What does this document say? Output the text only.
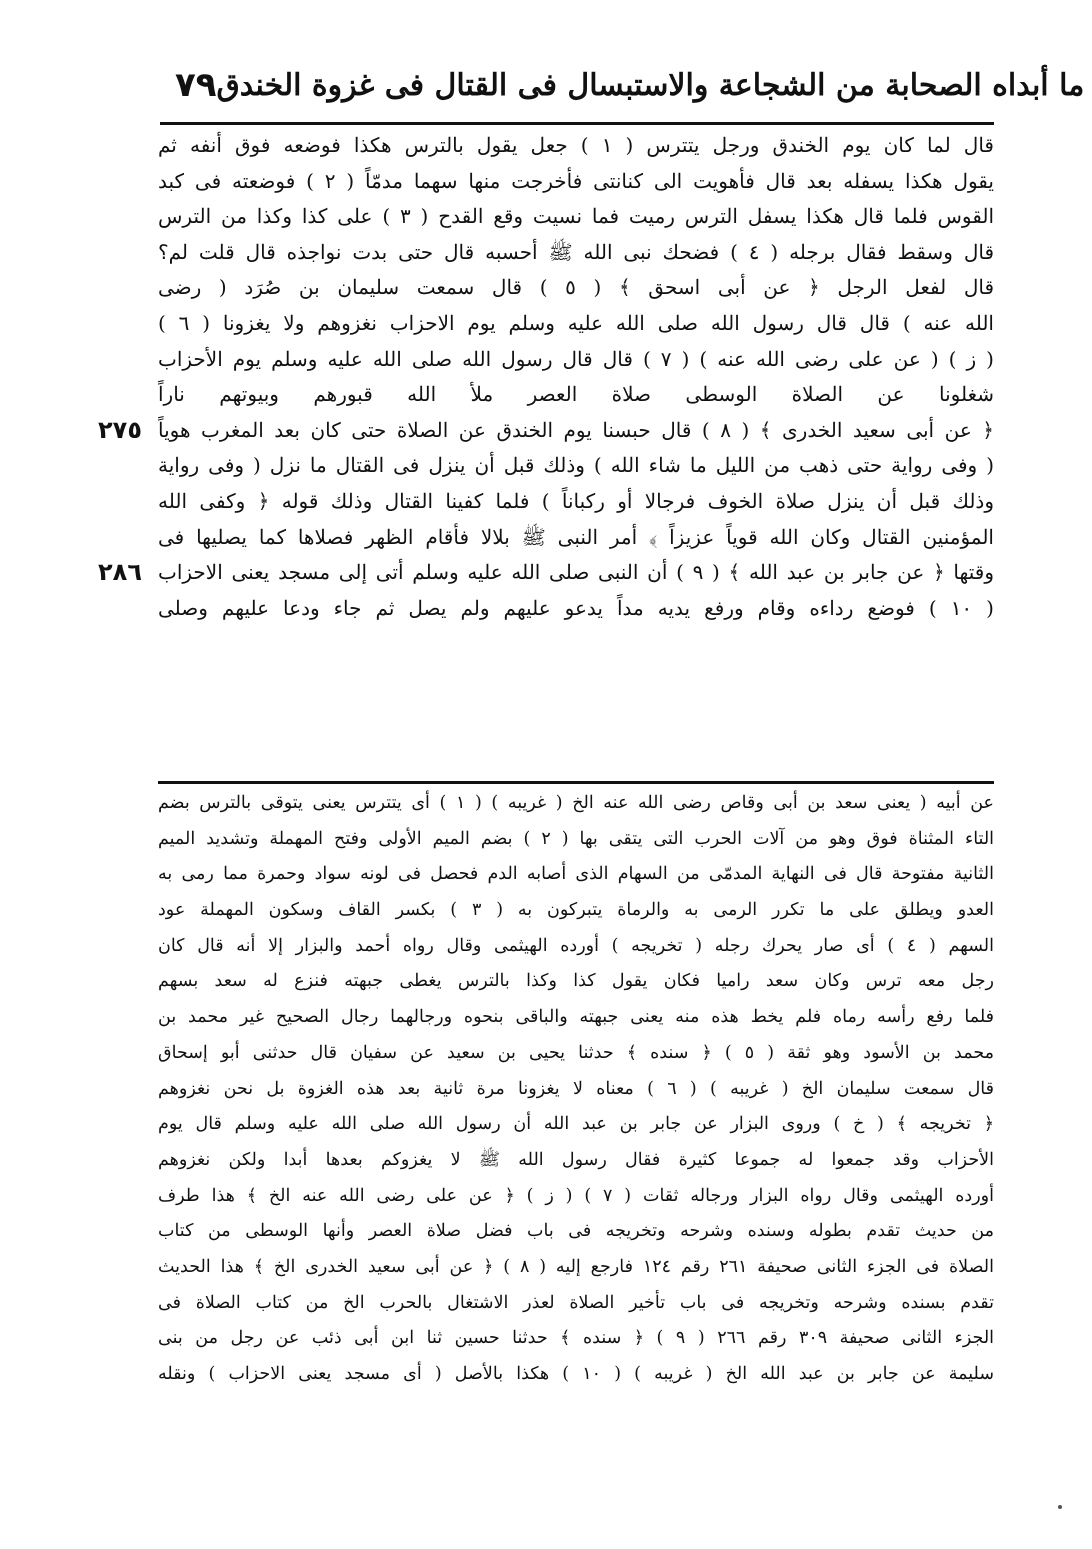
٧٩ ما أبداه الصحابة من الشجاعة والاستبسال فى القتال فى غزوة الخندق
قال لما كان يوم الخندق ورجل يتترس ( ١ ) جعل يقول بالترس هكذا فوضعه فوق أنفه ثم
يقول هكذا يسفله بعد قال فأهويت الى كنانتى فأخرجت منها سهما مدمّاً ( ٢ ) فوضعته فى كبد
القوس فلما قال هكذا يسفل الترس رميت فما نسيت وقع القدح ( ٣ ) على كذا وكذا من الترس
قال وسقط فقال برجله ( ٤ ) فضحك نبى الله ﷺ أحسبه قال حتى بدت نواجذه قال قلت لم؟
قال لفعل الرجل ﴿ عن أبى اسحق ﴾ ( ٥ ) قال سمعت سليمان بن صُرَد ( رضى
الله عنه ) قال قال رسول الله صلى الله عليه وسلم يوم الاحزاب نغزوهم ولا يغزونا ( ٦ )
( ز ) ( عن على رضى الله عنه ) ( ٧ ) قال قال رسول الله صلى الله عليه وسلم يوم الأحزاب
شغلونا عن الصلاة الوسطى صلاة العصر ملأ الله قبورهم وبيوتهم ناراً
﴿ عن أبى سعيد الخدرى ﴾ ( ٨ ) قال حبسنا يوم الخندق عن الصلاة حتى كان بعد المغرب هوياً
( وفى رواية حتى ذهب من الليل ما شاء الله ) وذلك قبل أن ينزل فى القتال ما نزل ( وفى رواية
وذلك قبل أن ينزل صلاة الخوف فرجالا أو ركباناً ) فلما كفينا القتال وذلك قوله ﴿ وكفى الله
المؤمنين القتال وكان الله قوياً عزيزاً ﴾ أمر النبى ﷺ بلالا فأقام الظهر فصلاها كما يصليها فى
وقتها ﴿ عن جابر بن عبد الله ﴾ ( ٩ ) أن النبى صلى الله عليه وسلم أتى إلى مسجد يعنى الاحزاب
( ١٠ ) فوضع رداءه وقام ورفع يديه مداً يدعو عليهم ولم يصل ثم جاء ودعا عليهم وصلى
٢٧٥
٢٨٦
عن أبيه ( يعنى سعد بن أبى وقاص رضى الله عنه الخ ( غريبه ) ( ١ ) أى يتترس يعنى يتوقى بالترس بضم
التاء المثناة فوق وهو من آلات الحرب التى يتقى بها ( ٢ ) بضم الميم الأولى وفتح المهملة وتشديد الميم
الثانية مفتوحة قال فى النهاية المدمّى من السهام الذى أصابه الدم فحصل فى لونه سواد وحمرة مما رمى به
العدو ويطلق على ما تكرر الرمى به والرماة يتبركون به ( ٣ ) بكسر القاف وسكون المهملة عود
السهم ( ٤ ) أى صار يحرك رجله ( تخريجه ) أورده الهيثمى وقال رواه أحمد والبزار إلا أنه قال كان
رجل معه ترس وكان سعد راميا فكان يقول كذا وكذا بالترس يغطى جبهته فنزع له سعد بسهم
فلما رفع رأسه رماه فلم يخط هذه منه يعنى جبهته والباقى بنحوه ورجالهما رجال الصحيح غير محمد بن
محمد بن الأسود وهو ثقة ( ٥ ) ﴿ سنده ﴾ حدثنا يحيى بن سعيد عن سفيان قال حدثنى أبو إسحاق
قال سمعت سليمان الخ ( غريبه ) ( ٦ ) معناه لا يغزونا مرة ثانية بعد هذه الغزوة بل نحن نغزوهم
﴿ تخريجه ﴾ ( خ ) وروى البزار عن جابر بن عبد الله أن رسول الله صلى الله عليه وسلم قال يوم
الأحزاب وقد جمعوا له جموعا كثيرة فقال رسول الله ﷺ لا يغزوكم بعدها أبدا ولكن نغزوهم
أورده الهيثمى وقال رواه البزار ورجاله ثقات ( ٧ ) ( ز ) ﴿ عن على رضى الله عنه الخ ﴾ هذا طرف
من حديث تقدم بطوله وسنده وشرحه وتخريجه فى باب فضل صلاة العصر وأنها الوسطى من كتاب
الصلاة فى الجزء الثانى صحيفة ٢٦١ رقم ١٢٤ فارجع إليه ( ٨ ) ﴿ عن أبى سعيد الخدرى الخ ﴾ هذا الحديث
تقدم بسنده وشرحه وتخريجه فى باب تأخير الصلاة لعذر الاشتغال بالحرب الخ من كتاب الصلاة فى
الجزء الثانى صحيفة ٣٠٩ رقم ٢٦٦ ( ٩ ) ﴿ سنده ﴾ حدثنا حسين ثنا ابن أبى ذئب عن رجل من بنى
سليمة عن جابر بن عبد الله الخ ( غريبه ) ( ١٠ ) هكذا بالأصل ( أى مسجد يعنى الاحزاب ) ونقله
